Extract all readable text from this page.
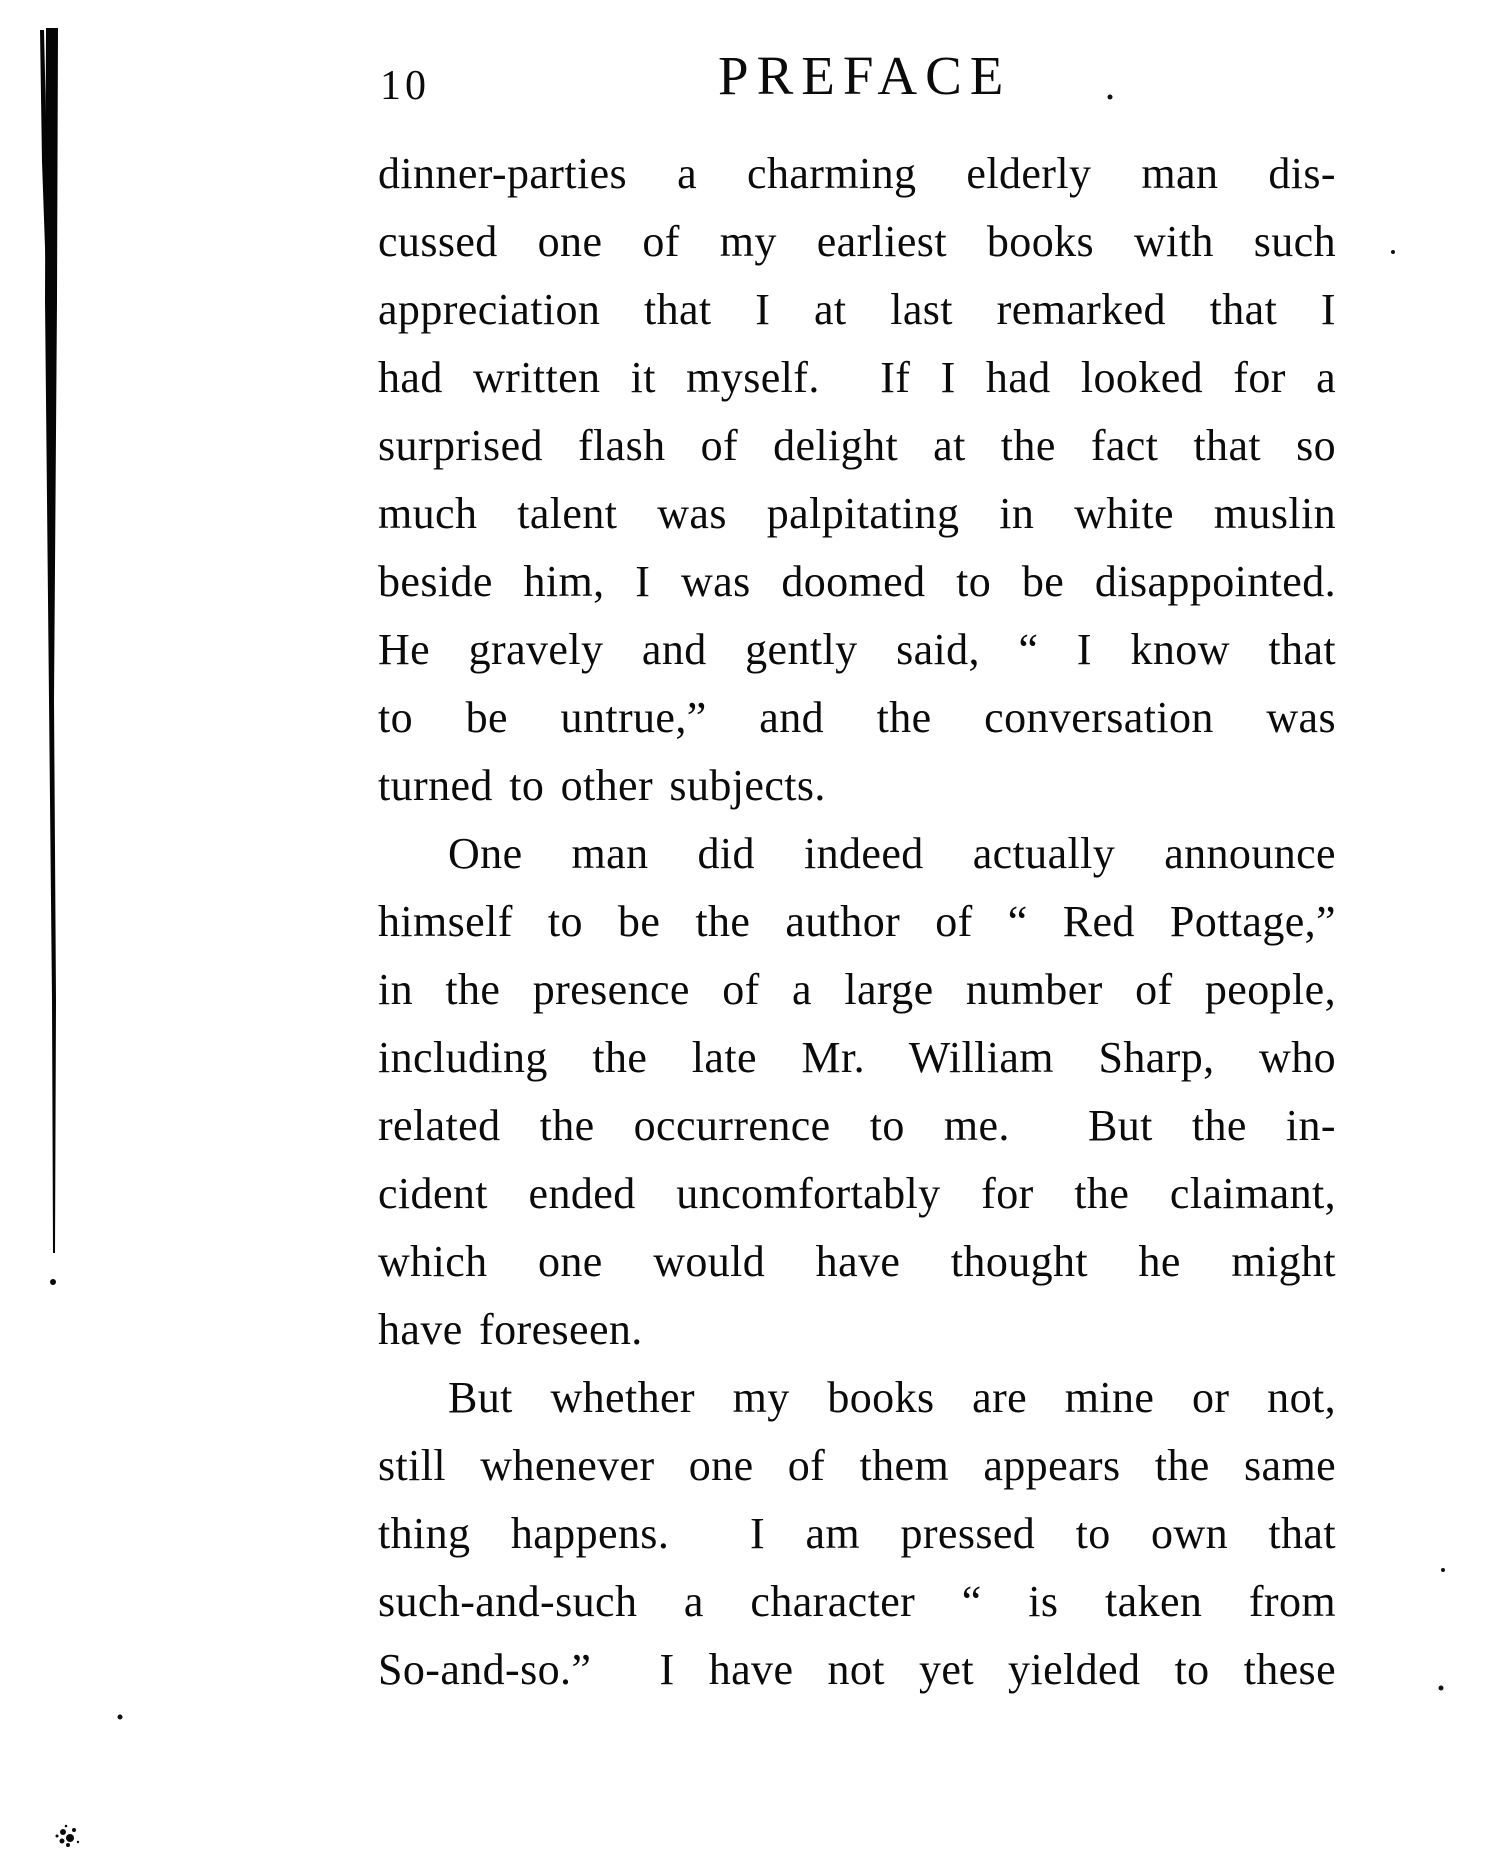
10	PREFACE
dinner-parties a charming elderly man dis-
cussed one of my earliest books with such
appreciation that I at last remarked that I
had written it myself.  If I had looked for a
surprised flash of delight at the fact that so
much talent was palpitating in white muslin
beside him, I was doomed to be disappointed.
He gravely and gently said, “ I know that
to be untrue,” and the conversation was
turned to other subjects.
One man did indeed actually announce
himself to be the author of “ Red Pottage,”
in the presence of a large number of people,
including the late Mr. William Sharp, who
related the occurrence to me.  But the in-
cident ended uncomfortably for the claimant,
which one would have thought he might
have foreseen.
But whether my books are mine or not,
still whenever one of them appears the same
thing happens.  I am pressed to own that
such-and-such a character “ is taken from
So-and-so.”  I have not yet yielded to these
